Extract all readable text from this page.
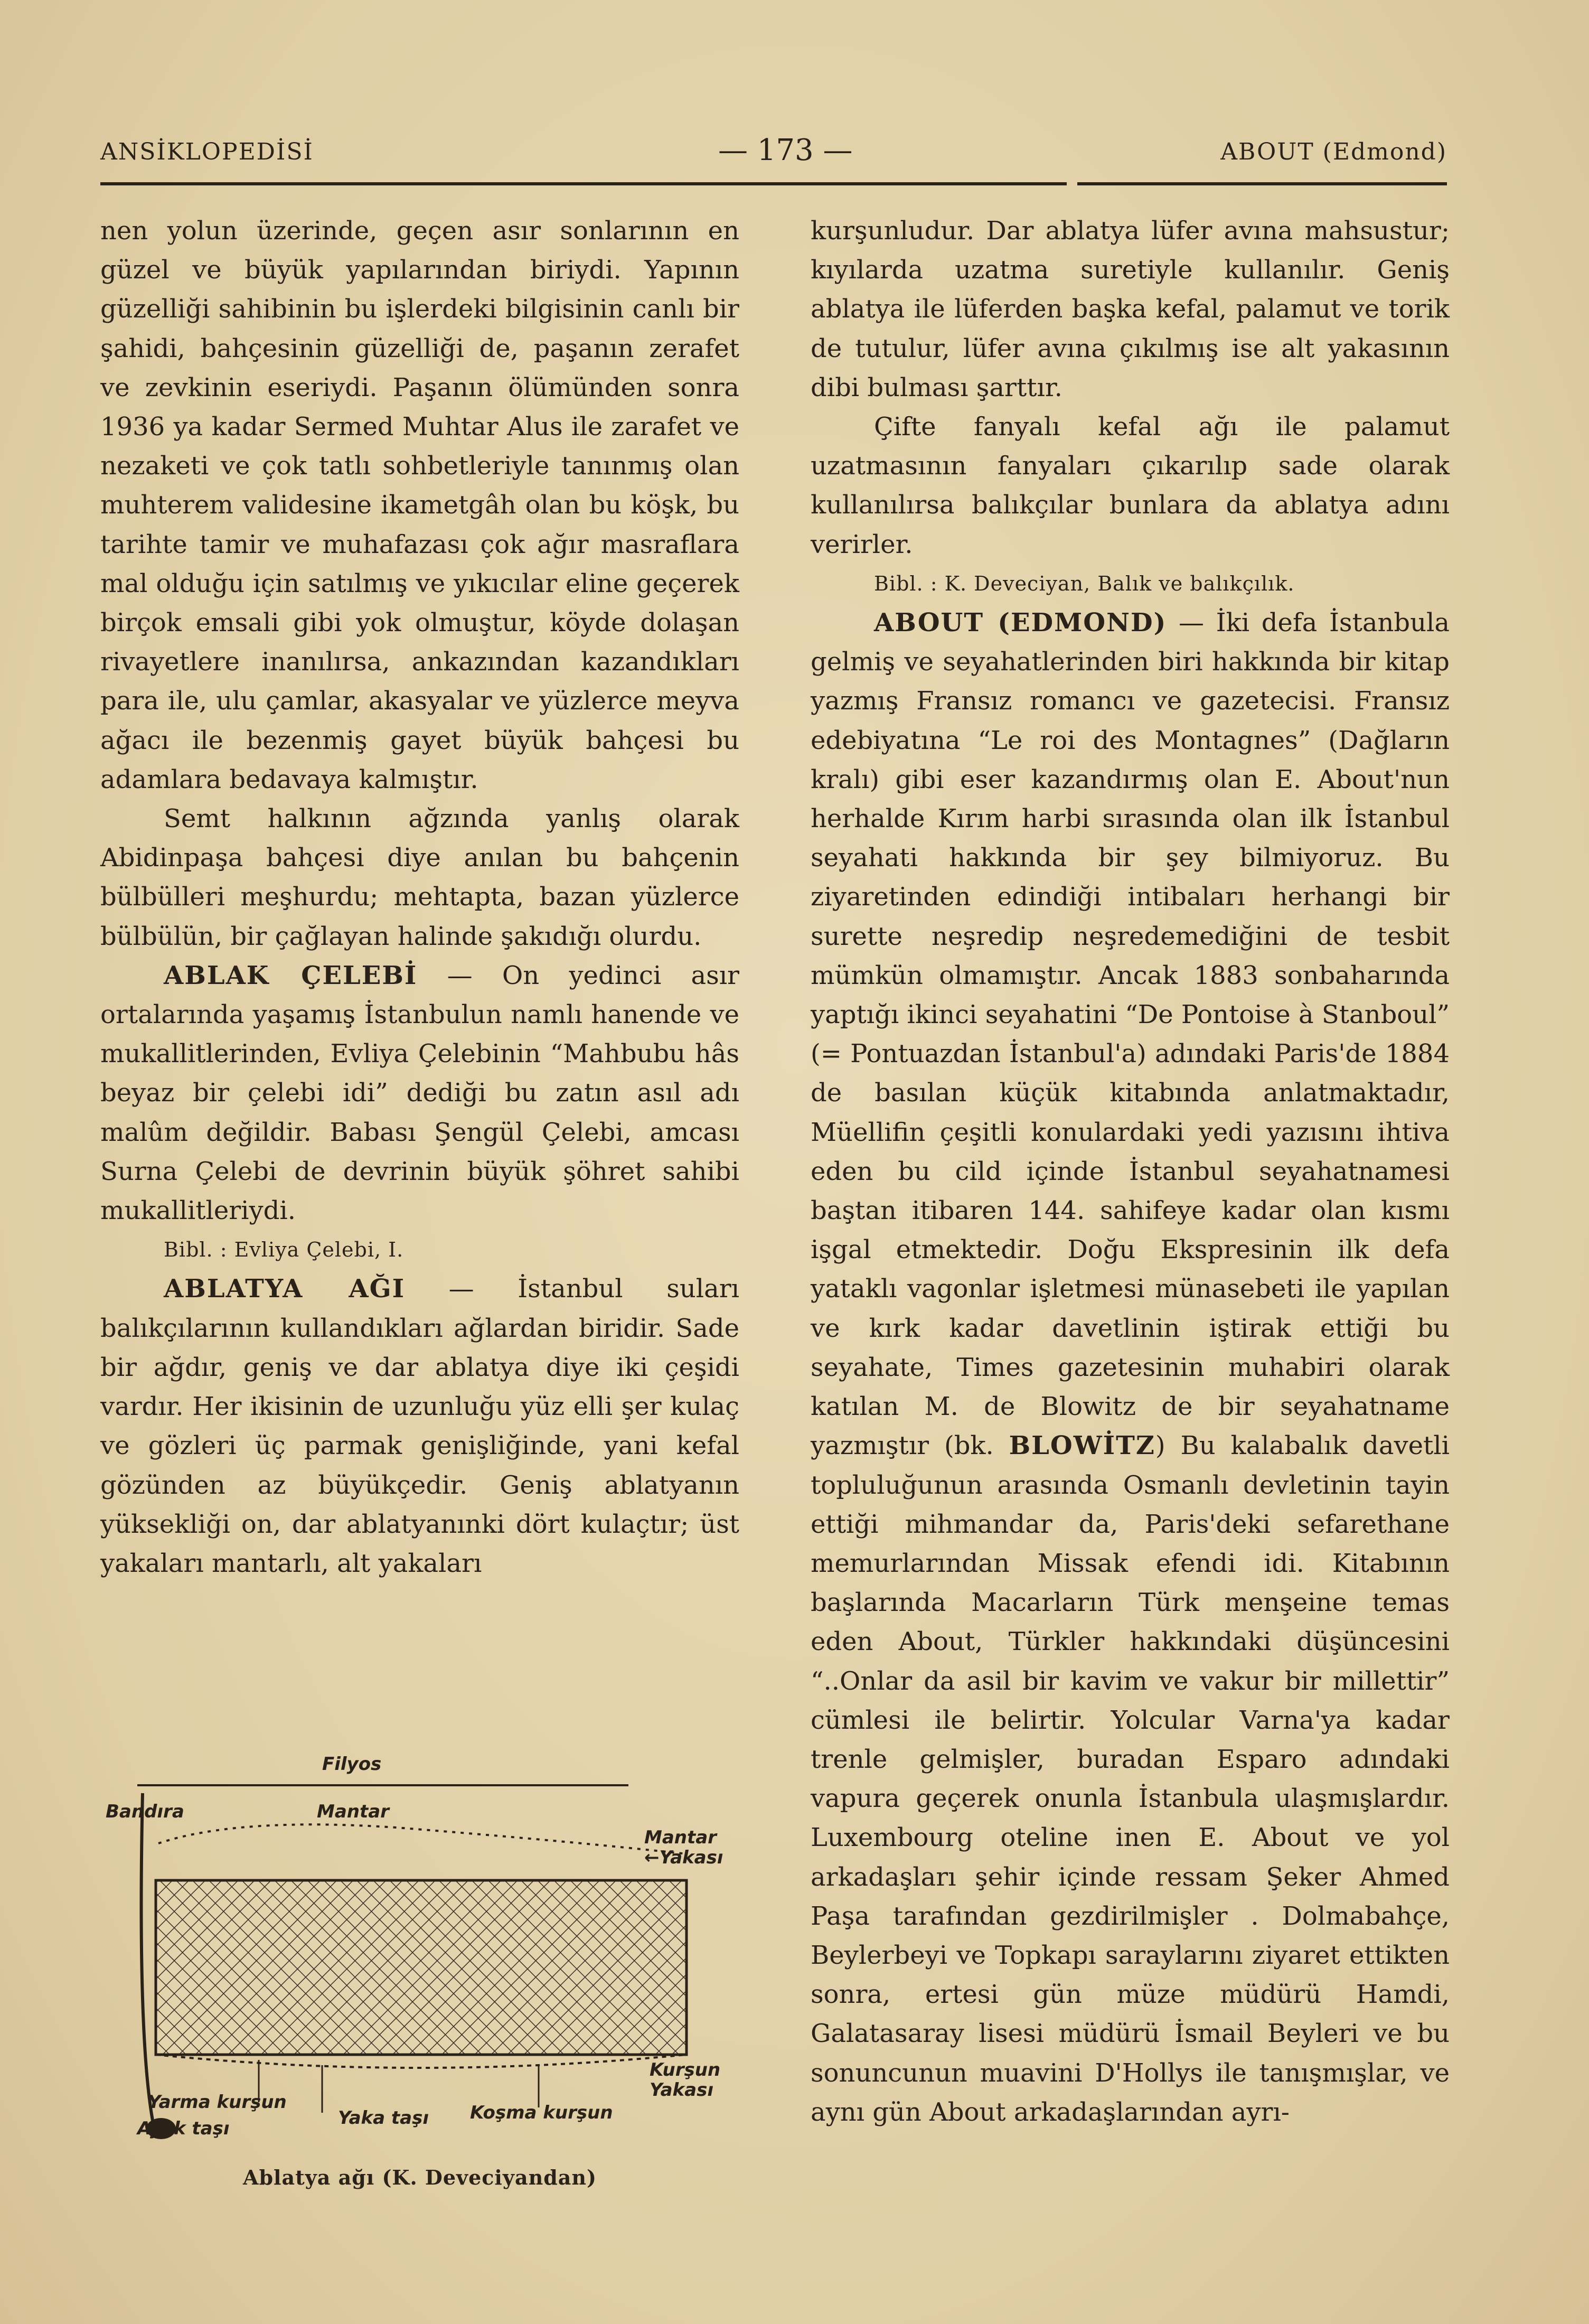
ANSİKLOPEDİSİ	— 173 —	ABOUT (Edmond)

nen yolun üzerinde, geçen asır sonlarının en güzel ve büyük yapılarından biriydi. Yapının güzelliği sahibinin bu işlerdeki bilgisinin canlı bir şahidi, bahçesinin güzelliği de, paşanın zerafet ve zevkinin eseriydi. Paşanın ölümünden sonra 1936 ya kadar Sermed Muhtar Alus ile zarafet ve nezaketi ve çok tatlı sohbetleriyle tanınmış olan muhterem validesine ikametgâh olan bu köşk, bu tarihte tamir ve muhafazası çok ağır masraflara mal olduğu için satılmış ve yıkıcılar eline geçerek birçok emsali gibi yok olmuştur, köyde dolaşan rivayetlere inanılırsa, ankazından kazandıkları para ile, ulu çamlar, akasyalar ve yüzlerce meyva ağacı ile bezenmiş gayet büyük bahçesi bu adamlara bedavaya kalmıştır.

Semt halkının ağzında yanlış olarak Abidinpaşa bahçesi diye anılan bu bahçenin bülbülleri meşhurdu; mehtapta, bazan yüzlerce bülbülün, bir çağlayan halinde şakıdığı olurdu.

ABLAK ÇELEBİ — On yedinci asır ortalarında yaşamış İstanbulun namlı hanende ve mukallitlerinden, Evliya Çelebinin “Mahbubu hâs beyaz bir çelebi idi” dediği bu zatın asıl adı malûm değildir. Babası Şengül Çelebi, amcası Surna Çelebi de devrinin büyük şöhret sahibi mukallitleriydi.

Bibl. : Evliya Çelebi, I.

ABLATYA AĞI — İstanbul suları balıkçılarının kullandıkları ağlardan biridir. Sade bir ağdır, geniş ve dar ablatya diye iki çeşidi vardır. Her ikisinin de uzunluğu yüz elli şer kulaç ve gözleri üç parmak genişliğinde, yani kefal gözünden az büyükçedir. Geniş ablatyanın yüksekliği on, dar ablatyanınki dört kulaçtır; üst yakaları mantarlı, alt yakaları

Filyos
Bandıra	Mantar
Mantar
←Yakası
Kurşun
Yakası
Yarma kurşun
Ayak taşı	Yaka taşı Koşma kurşun
Ablatya ağı (K. Deveciyandan)

kurşunludur. Dar ablatya lüfer avına mahsustur; kıyılarda uzatma suretiyle kullanılır. Geniş ablatya ile lüferden başka kefal, palamut ve torik de tutulur, lüfer avına çıkılmış ise alt yakasının dibi bulması şarttır.

Çifte fanyalı kefal ağı ile palamut uzatmasının fanyaları çıkarılıp sade olarak kullanılırsa balıkçılar bunlara da ablatya adını verirler.

Bibl. : K. Deveciyan, Balık ve balıkçılık.

ABOUT (EDMOND) — İki defa İstanbula gelmiş ve seyahatlerinden biri hakkında bir kitap yazmış Fransız romancı ve gazetecisi. Fransız edebiyatına “Le roi des Montagnes” (Dağların kralı) gibi eser kazandırmış olan E. About'nun herhalde Kırım harbi sırasında olan ilk İstanbul seyahati hakkında bir şey bilmiyoruz. Bu ziyaretinden edindiği intibaları herhangi bir surette neşredip neşredemediğini de tesbit mümkün olmamıştır. Ancak 1883 sonbaharında yaptığı ikinci seyahatini “De Pontoise à Stanboul” (= Pontuazdan İstanbul'a) adındaki Paris'de 1884 de basılan küçük kitabında anlatmaktadır, Müellifin çeşitli konulardaki yedi yazısını ihtiva eden bu cild içinde İstanbul seyahatnamesi baştan itibaren 144. sahifeye kadar olan kısmı işgal etmektedir. Doğu Ekspresinin ilk defa yataklı vagonlar işletmesi münasebeti ile yapılan ve kırk kadar davetlinin iştirak ettiği bu seyahate, Times gazetesinin muhabiri olarak katılan M. de Blowitz de bir seyahatname yazmıştır (bk. BLOWİTZ) Bu kalabalık davetli topluluğunun arasında Osmanlı devletinin tayin ettiği mihmandar da, Paris'deki sefarethane memurlarından Missak efendi idi. Kitabının başlarında Macarların Türk menşeine temas eden About, Türkler hakkındaki düşüncesini “..Onlar da asil bir kavim ve vakur bir millettir” cümlesi ile belirtir. Yolcular Varna'ya kadar trenle gelmişler, buradan Esparo adındaki vapura geçerek onunla İstanbula ulaşmışlardır. Luxembourg oteline inen E. About ve yol arkadaşları şehir içinde ressam Şeker Ahmed Paşa tarafından gezdirilmişler . Dolmabahçe, Beylerbeyi ve Topkapı saraylarını ziyaret ettikten sonra, ertesi gün müze müdürü Hamdi, Galatasaray lisesi müdürü İsmail Beyleri ve bu sonuncunun muavini D'Hollys ile tanışmışlar, ve aynı gün About arkadaşlarından ayrı-
